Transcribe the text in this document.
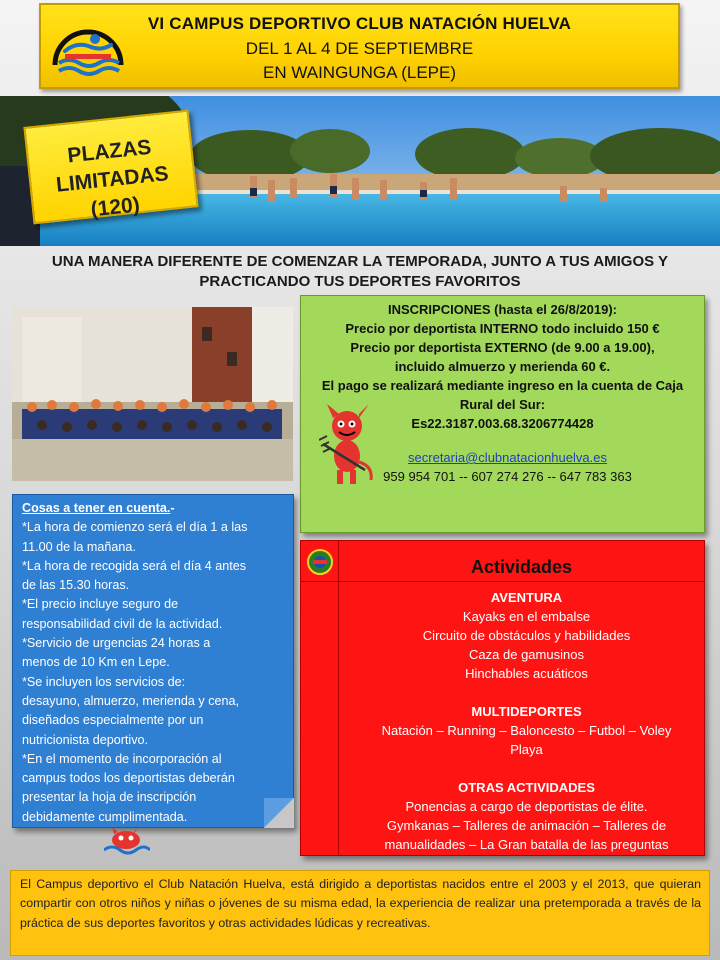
VI CAMPUS DEPORTIVO CLUB NATACIÓN HUELVA
DEL 1 AL 4 DE SEPTIEMBRE
EN WAINGUNGA (LEPE)
PLAZAS
LIMITADAS (120)
UNA MANERA DIFERENTE DE COMENZAR LA TEMPORADA, JUNTO A TUS AMIGOS Y
PRACTICANDO TUS DEPORTES FAVORITOS
INSCRIPCIONES (hasta el 26/8/2019):
Precio por deportista INTERNO todo incluido 150 €
Precio por deportista EXTERNO (de 9.00 a 19.00),
incluido almuerzo y merienda 60 €.
El pago se realizará mediante ingreso en la cuenta de Caja
Rural del Sur:
Es22.3187.003.68.3206774428
secretaria@clubnatacionhuelva.es
959 954 701 -- 607 274 276 -- 647 783 363
Cosas a tener en cuenta.-
*La hora de comienzo será el día 1 a las
11.00 de la mañana.
*La hora de recogida será el día 4 antes
de las 15.30 horas.
*El precio incluye seguro de
responsabilidad civil de la actividad.
*Servicio de urgencias 24 horas a
menos de 10 Km en Lepe.
*Se incluyen los servicios de:
desayuno, almuerzo, merienda y cena,
diseñados especialmente por un
nutricionista deportivo.
*En el momento de incorporación al
campus todos los deportistas deberán
presentar la hoja de inscripción
debidamente cumplimentada.
Actividades
AVENTURA
Kayaks en el embalse
Circuito de obstáculos y habilidades
Caza de gamusinos
Hinchables acuáticos
MULTIDEPORTES
Natación – Running – Baloncesto – Futbol – Voley
Playa
OTRAS ACTIVIDADES
Ponencias a cargo de deportistas de élite.
Gymkanas – Talleres de animación – Talleres de
manualidades – La Gran batalla de las preguntas
El Campus deportivo el Club Natación Huelva, está dirigido a deportistas nacidos entre el 2003 y el 2013, que quieran compartir con otros niños y niñas o jóvenes de su misma edad, la experiencia de realizar una pretemporada a través de la práctica de sus deportes favoritos y otras actividades lúdicas y recreativas.
